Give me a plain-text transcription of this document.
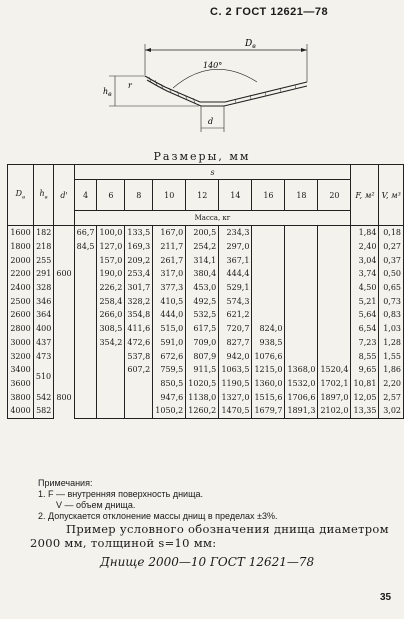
С. 2 ГОСТ 12621—78
$D_в$
140°
$h_в$
r
d
Размеры, мм
$D_в$	$h_в$	d'	s									F, м²	V, м³
			4	6	8	10	12	14	16	18	20		
			Масса, кг										
1600	182	600	66,7	100,0	133,5	167,0	200,5	234,3				1,84	0,18
1800	218		84,5	127,0	169,3	211,7	254,2	297,0				2,40	0,27
2000	255			157,0	209,2	261,7	314,1	367,1				3,04	0,37
2200	291			190,0	253,4	317,0	380,4	444,4				3,74	0,50
2400	328			226,2	301,7	377,3	453,0	529,1				4,50	0,65
2500	346			258,4	328,2	410,5	492,5	574,3				5,21	0,73
2600	364			266,0	354,8	444,0	532,5	621,2				5,64	0,83
2800	400			308,5	411,6	515,0	617,5	720,7	824,0			6,54	1,03
3000	437			354,2	472,6	591,0	709,0	827,7	938,5			7,23	1,28
3200	473				537,8	672,6	807,9	942,0	1076,6			8,55	1,55
3400	510				607,2	759,5	911,5	1063,5	1215,0	1368,0	1520,4	9,65	1,86
3600		800				850,5	1020,5	1190,5	1360,0	1532,0	1702,1	10,81	2,20
3800	542					947,6	1138,0	1327,0	1515,6	1706,6	1897,0	12,05	2,57
4000	582					1050,2	1260,2	1470,5	1679,7	1891,3	2102,0	13,35	3,02
Примечания:
1. F — внутренняя поверхность днища.
V — объем днища.
2. Допускается отклонение массы днищ в пределах ±3%.
Пример условного обозначения днища диаметром
2000 мм, толщиной s=10 мм:
Днище 2000—10 ГОСТ 12621—78
35
